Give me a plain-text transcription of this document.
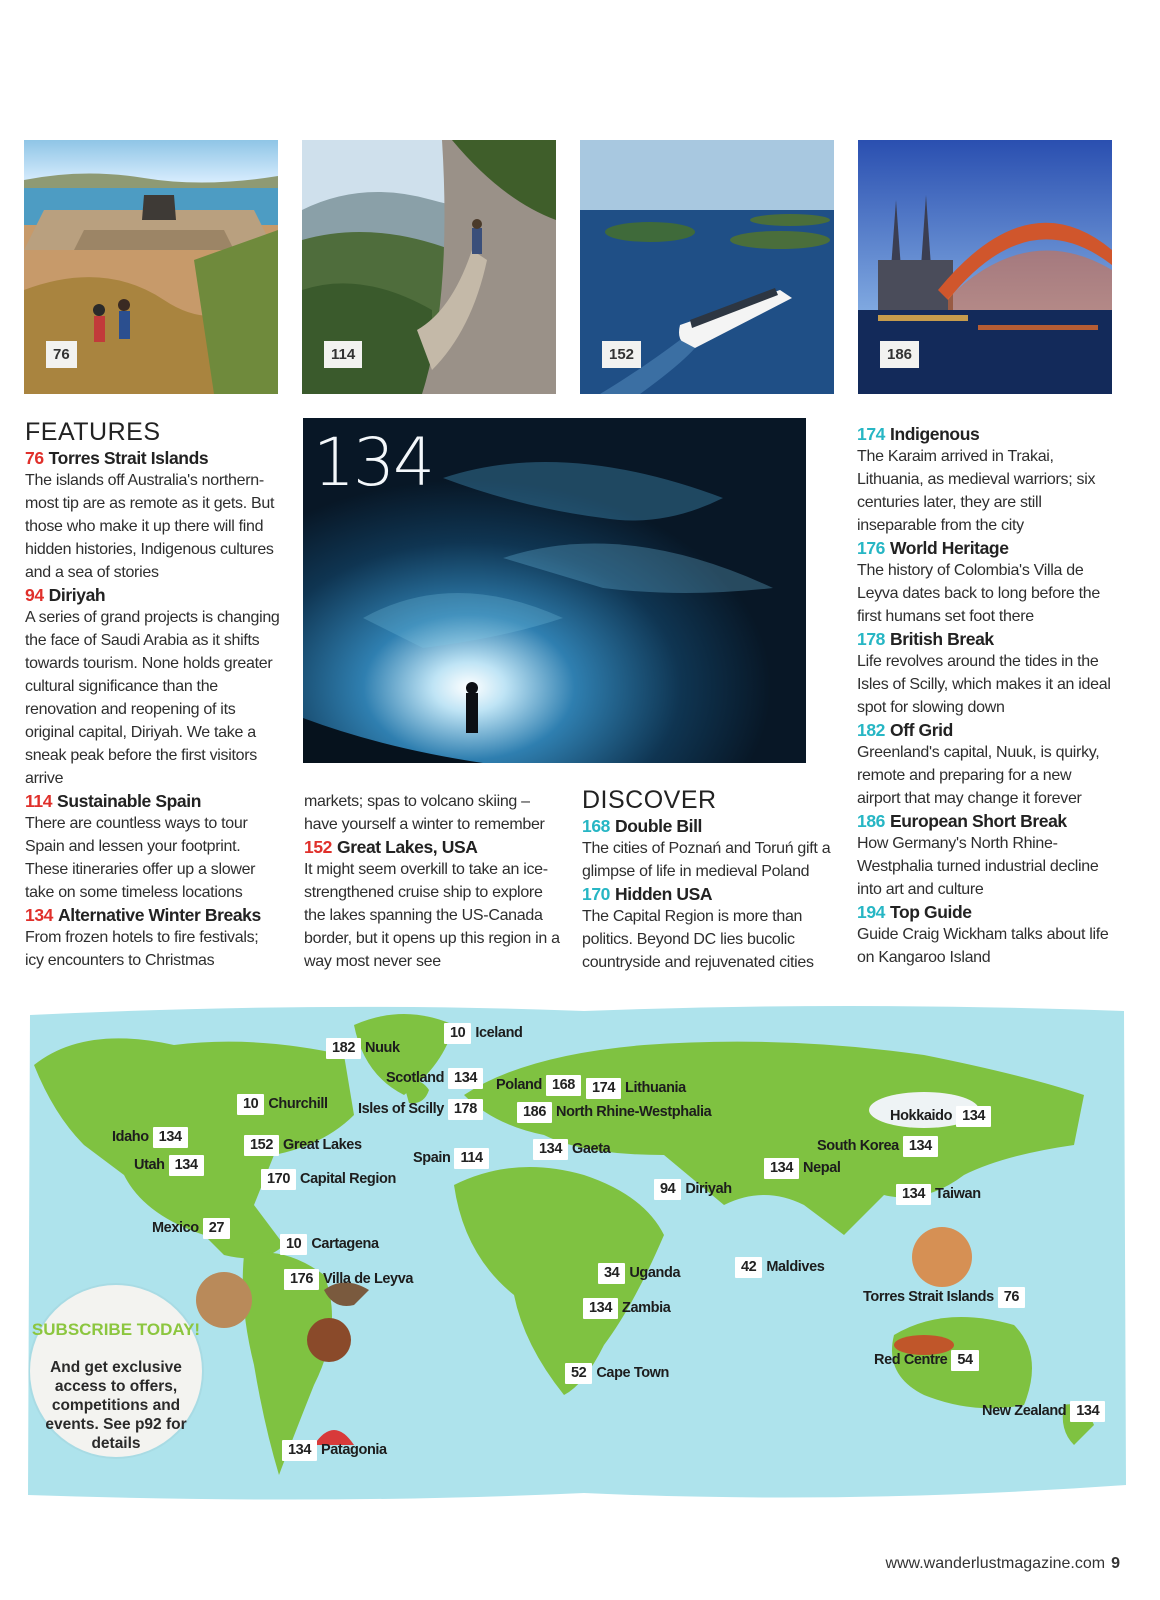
76	114	152	186
FEATURES
76 Torres Strait Islands
The islands off Australia's northern-most tip are as remote as it gets. But those who make it up there will find hidden histories, Indigenous cultures and a sea of stories
94 Diriyah
A series of grand projects is changing the face of Saudi Arabia as it shifts towards tourism. None holds greater cultural significance than the renovation and reopening of its original capital, Diriyah. We take a sneak peak before the first visitors arrive
114 Sustainable Spain
There are countless ways to tour Spain and lessen your footprint. These itineraries offer up a slower take on some timeless locations
134 Alternative Winter Breaks
From frozen hotels to fire festivals; icy encounters to Christmas
134
markets; spas to volcano skiing – have yourself a winter to remember
152 Great Lakes, USA
It might seem overkill to take an ice-strengthened cruise ship to explore the lakes spanning the US-Canada border, but it opens up this region in a way most never see
DISCOVER
168 Double Bill
The cities of Poznań and Toruń gift a glimpse of life in medieval Poland
170 Hidden USA
The Capital Region is more than politics. Beyond DC lies bucolic countryside and rejuvenated cities
174 Indigenous
The Karaim arrived in Trakai, Lithuania, as medieval warriors; six centuries later, they are still inseparable from the city
176 World Heritage
The history of Colombia's Villa de Leyva dates back to long before the first humans set foot there
178 British Break
Life revolves around the tides in the Isles of Scilly, which makes it an ideal spot for slowing down
182 Off Grid
Greenland's capital, Nuuk, is quirky, remote and preparing for a new airport that may change it forever
186 European Short Break
How Germany's North Rhine-Westphalia turned industrial decline into art and culture
194 Top Guide
Guide Craig Wickham talks about life on Kangaroo Island
10 Iceland
182 Nuuk
Scotland 134	Poland 168	174 Lithuania
10 Churchill Isles of Scilly 178	186 North Rhine-Westphalia	Hokkaido 134
Idaho 134	152 Great Lakes	134 Gaeta
Spain 114
South Korea 134
Utah 134	134 Nepal
170 Capital Region
94 Diriyah	134 Taiwan
Mexico 27
10 Cartagena
42 Maldives
34 Uganda
176 Villa de Leyva
Torres Strait Islands 76
134 Zambia
Red Centre 54
52 Cape Town
New Zealand 134
134 Patagonia
SUBSCRIBE TODAY!
And get exclusive access to offers, competitions and events. See p92 for details
www.wanderlustmagazine.com 9
